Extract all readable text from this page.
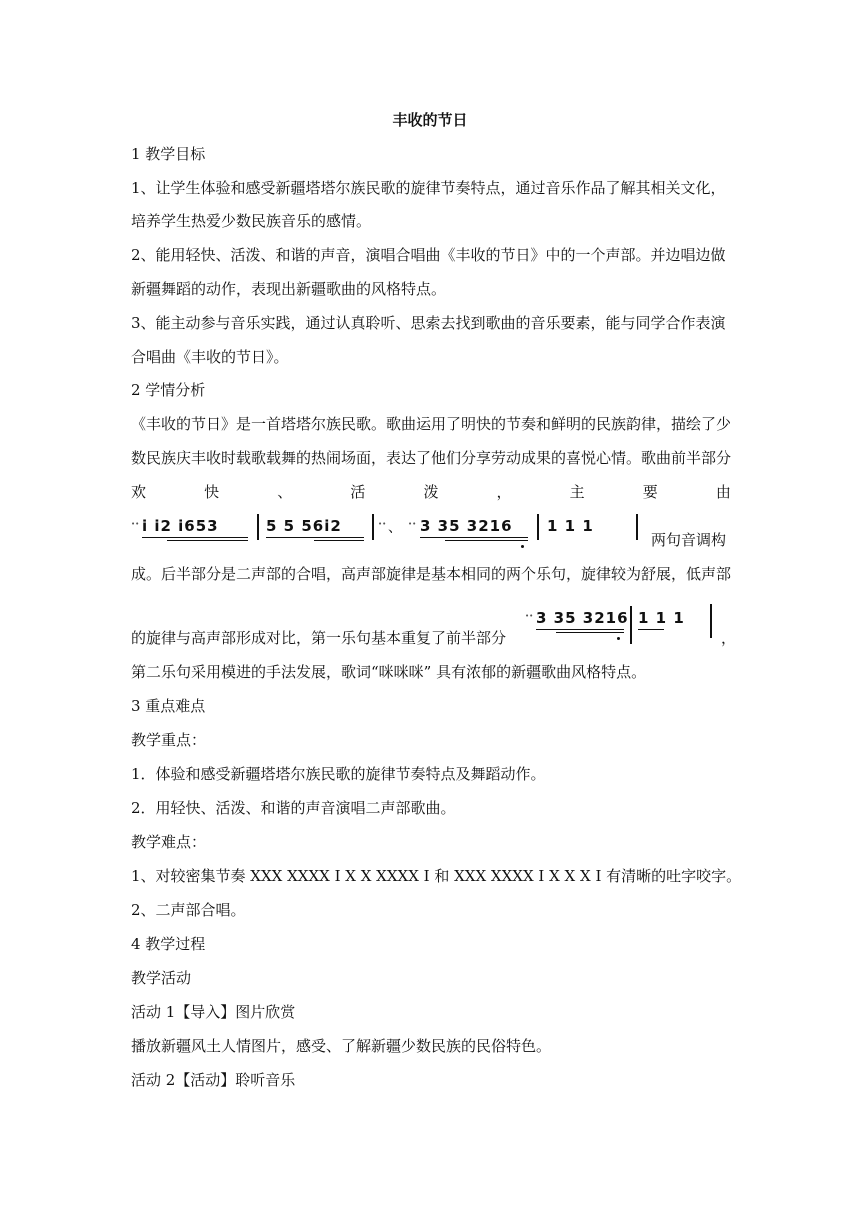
丰收的节日
1 教学目标
1、让学生体验和感受新疆塔塔尔族民歌的旋律节奏特点，通过音乐作品了解其相关文化，
培养学生热爱少数民族音乐的感情。
2、能用轻快、活泼、和谐的声音，演唱合唱曲《丰收的节日》中的一个声部。并边唱边做
新疆舞蹈的动作，表现出新疆歌曲的风格特点。
3、能主动参与音乐实践，通过认真聆听、思索去找到歌曲的音乐要素，能与同学合作表演
合唱曲《丰收的节日》。
2 学情分析
《丰收的节日》是一首塔塔尔族民歌。歌曲运用了明快的节奏和鲜明的民族韵律，描绘了少
数民族庆丰收时载歌载舞的热闹场面，表达了他们分享劳动成果的喜悦心情。歌曲前半部分
欢	快	、	活	泼	，	主	要	由
•• i i2 i653	5 5 56i2	•• 、 •• 3 35 3216 1 1 1
两句音调构
成。后半部分是二声部的合唱，高声部旋律是基本相同的两个乐句，旋律较为舒展，低声部
的旋律与高声部形成对比，第一乐句基本重复了前半部分
•• 3 35 3216 1 1 1
，
第二乐句采用模进的手法发展，歌词“咪咪咪” 具有浓郁的新疆歌曲风格特点。
3 重点难点
教学重点：
1．体验和感受新疆塔塔尔族民歌的旋律节奏特点及舞蹈动作。
2．用轻快、活泼、和谐的声音演唱二声部歌曲。
教学难点：
1、对较密集节奏 XXX XXXX I X X XXXX I 和 XXX XXXX I X X X I 有清晰的吐字咬字。
2、二声部合唱。
4 教学过程
教学活动
活动 1【导入】图片欣赏
播放新疆风土人情图片，感受、了解新疆少数民族的民俗特色。
活动 2【活动】聆听音乐
